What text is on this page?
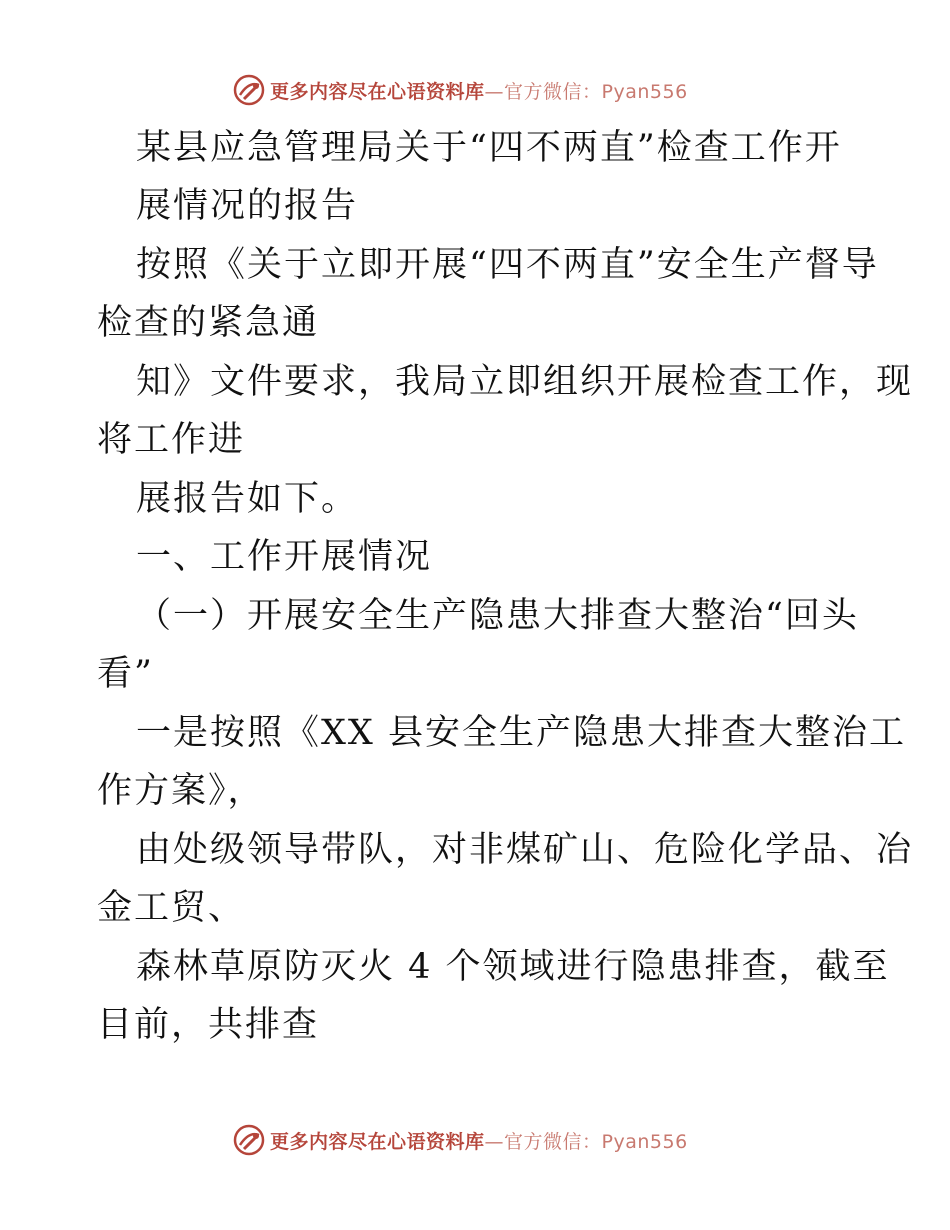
更多内容尽在心语资料库—官方微信：Pyan556
某县应急管理局关于“四不两直”检查工作开
展情况的报告
按照《关于立即开展“四不两直”安全生产督导
检查的紧急通
知》文件要求，我局立即组织开展检查工作，现
将工作进
展报告如下。
一、工作开展情况
（一）开展安全生产隐患大排查大整治“回头
看”
一是按照《XX 县安全生产隐患大排查大整治工
作方案》，
由处级领导带队，对非煤矿山、危险化学品、冶
金工贸、
森林草原防灭火 4 个领域进行隐患排查，截至
目前，共排查
更多内容尽在心语资料库—官方微信：Pyan556
